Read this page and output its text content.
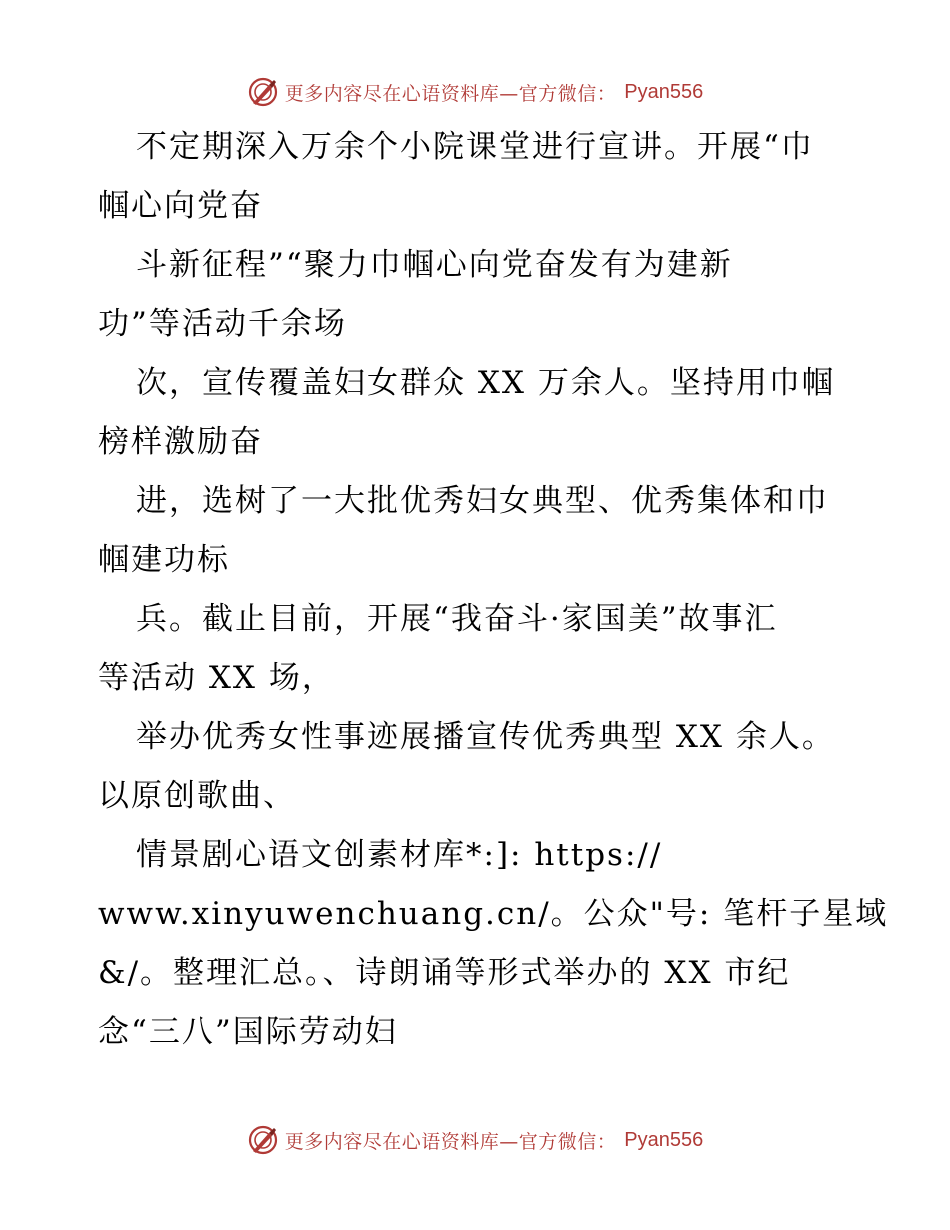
更多内容尽在心语资料库—官方微信： Pyan556
不定期深入万余个小院课堂进行宣讲。开展“巾
帼心向党奋
斗新征程”“聚力巾帼心向党奋发有为建新
功”等活动千余场
次，宣传覆盖妇女群众 XX 万余人。坚持用巾帼
榜样激励奋
进，选树了一大批优秀妇女典型、优秀集体和巾
帼建功标
兵。截止目前，开展“我奋斗·家国美”故事汇
等活动 XX 场，
举办优秀女性事迹展播宣传优秀典型 XX 余人。
以原创歌曲、
情景剧心语文创素材库*:]: https://
www.xinyuwenchuang.cn/。公众"号: 笔杆子星域
&/。整理汇总。、诗朗诵等形式举办的 XX 市纪
念“三八”国际劳动妇
更多内容尽在心语资料库—官方微信： Pyan556
